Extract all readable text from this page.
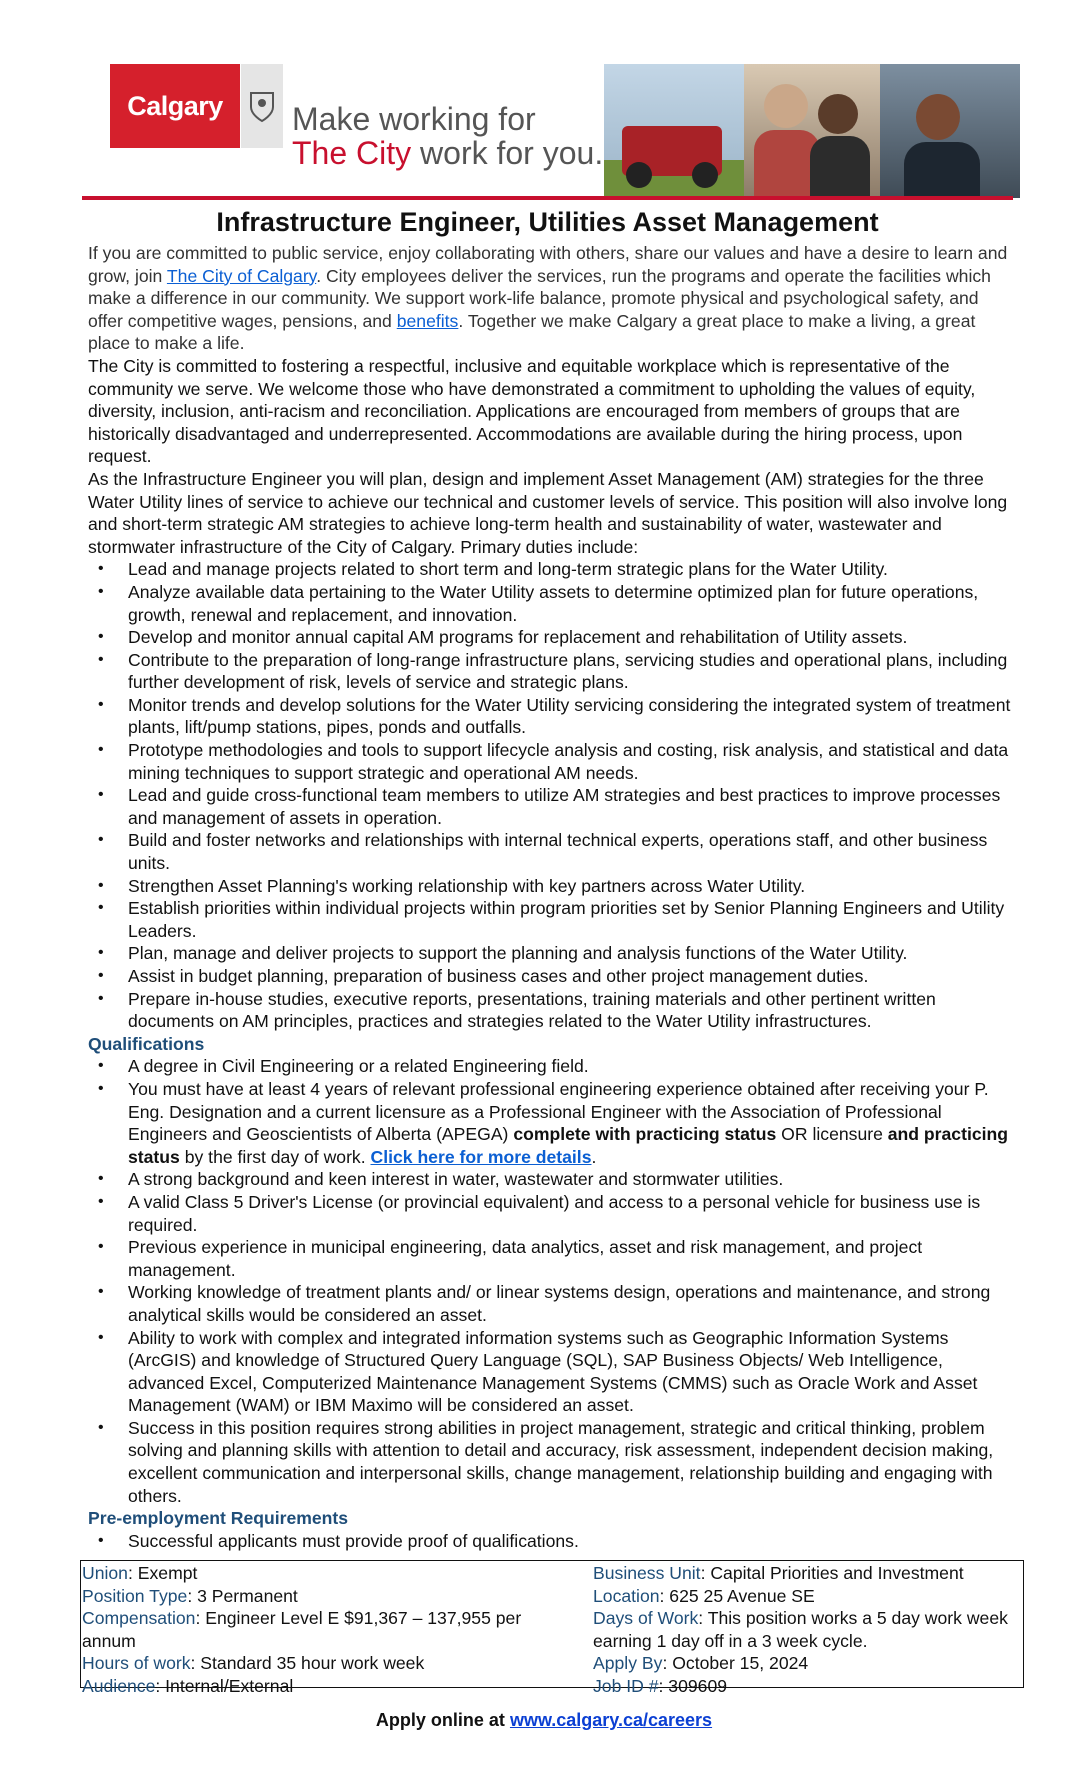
Calgary Make working for
The City work for you.
Infrastructure Engineer, Utilities Asset Management

If you are committed to public service, enjoy collaborating with others, share our values and have a desire to learn and grow, join The City of Calgary. City employees deliver the services, run the programs and operate the facilities which make a difference in our community. We support work-life balance, promote physical and psychological safety, and offer competitive wages, pensions, and benefits. Together we make Calgary a great place to make a living, a great place to make a life.

The City is committed to fostering a respectful, inclusive and equitable workplace which is representative of the community we serve. We welcome those who have demonstrated a commitment to upholding the values of equity, diversity, inclusion, anti-racism and reconciliation. Applications are encouraged from members of groups that are historically disadvantaged and underrepresented. Accommodations are available during the hiring process, upon request.

As the Infrastructure Engineer you will plan, design and implement Asset Management (AM) strategies for the three Water Utility lines of service to achieve our technical and customer levels of service. This position will also involve long and short-term strategic AM strategies to achieve long-term health and sustainability of water, wastewater and stormwater infrastructure of the City of Calgary. Primary duties include:

• Lead and manage projects related to short term and long-term strategic plans for the Water Utility.
• Analyze available data pertaining to the Water Utility assets to determine optimized plan for future operations, growth, renewal and replacement, and innovation.
• Develop and monitor annual capital AM programs for replacement and rehabilitation of Utility assets.
• Contribute to the preparation of long-range infrastructure plans, servicing studies and operational plans, including further development of risk, levels of service and strategic plans.
• Monitor trends and develop solutions for the Water Utility servicing considering the integrated system of treatment plants, lift/pump stations, pipes, ponds and outfalls.
• Prototype methodologies and tools to support lifecycle analysis and costing, risk analysis, and statistical and data mining techniques to support strategic and operational AM needs.
• Lead and guide cross-functional team members to utilize AM strategies and best practices to improve processes and management of assets in operation.
• Build and foster networks and relationships with internal technical experts, operations staff, and other business units.
• Strengthen Asset Planning's working relationship with key partners across Water Utility.
• Establish priorities within individual projects within program priorities set by Senior Planning Engineers and Utility Leaders.
• Plan, manage and deliver projects to support the planning and analysis functions of the Water Utility.
• Assist in budget planning, preparation of business cases and other project management duties.
• Prepare in-house studies, executive reports, presentations, training materials and other pertinent written documents on AM principles, practices and strategies related to the Water Utility infrastructures.
Qualifications
• A degree in Civil Engineering or a related Engineering field.
• You must have at least 4 years of relevant professional engineering experience obtained after receiving your P. Eng. Designation and a current licensure as a Professional Engineer with the Association of Professional Engineers and Geoscientists of Alberta (APEGA) complete with practicing status OR licensure and practicing status by the first day of work. Click here for more details.
• A strong background and keen interest in water, wastewater and stormwater utilities.
• A valid Class 5 Driver's License (or provincial equivalent) and access to a personal vehicle for business use is required.
• Previous experience in municipal engineering, data analytics, asset and risk management, and project management.
• Working knowledge of treatment plants and/ or linear systems design, operations and maintenance, and strong analytical skills would be considered an asset.
• Ability to work with complex and integrated information systems such as Geographic Information Systems (ArcGIS) and knowledge of Structured Query Language (SQL), SAP Business Objects/ Web Intelligence, advanced Excel, Computerized Maintenance Management Systems (CMMS) such as Oracle Work and Asset Management (WAM) or IBM Maximo will be considered an asset.
• Success in this position requires strong abilities in project management, strategic and critical thinking, problem solving and planning skills with attention to detail and accuracy, risk assessment, independent decision making, excellent communication and interpersonal skills, change management, relationship building and engaging with others.
Pre-employment Requirements
• Successful applicants must provide proof of qualifications.
Union: Exempt
Position Type: 3 Permanent
Compensation: Engineer Level E $91,367 – 137,955 per annum
Hours of work: Standard 35 hour work week
Audience: Internal/External
Business Unit: Capital Priorities and Investment
Location: 625 25 Avenue SE
Days of Work: This position works a 5 day work week earning 1 day off in a 3 week cycle.
Apply By: October 15, 2024
Job ID #: 309609
Apply online at www.calgary.ca/careers
